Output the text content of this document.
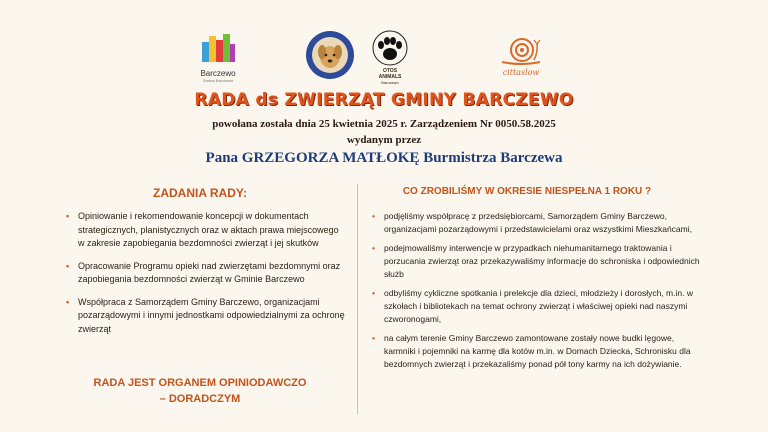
Barczewo
Gmina Barczewo
OTOS
ANIMALS
Barczewo
cittaslow
RADA ds ZWIERZĄT GMINY BARCZEWO
powołana została dnia 25 kwietnia 2025 r. Zarządzeniem Nr 0050.58.2025
wydanym przez
Pana GRZEGORZA MATŁOKĘ Burmistrza Barczewa
ZADANIA RADY:
• Opiniowanie i rekomendowanie koncepcji w dokumentach strategicznych, planistycznych oraz w aktach prawa miejscowego w zakresie zapobiegania bezdomności zwierząt i jej skutków
• Opracowanie Programu opieki nad zwierzętami bezdomnymi oraz zapobiegania bezdomności zwierząt w Gminie Barczewo
• Współpraca z Samorządem Gminy Barczewo, organizacjami pozarządowymi i innymi jednostkami odpowiedzialnymi za ochronę zwierząt
RADA JEST ORGANEM OPINIODAWCZO
– DORADCZYM
CO ZROBILIŚMY W OKRESIE NIESPEŁNA 1 ROKU ?
• podjęliśmy współpracę z przedsiębiorcami, Samorządem Gminy Barczewo, organizacjami pozarządowymi i przedstawicielami oraz wszystkimi Mieszkańcami,
• podejmowaliśmy interwencje w przypadkach niehumanitarnego traktowania i porzucania zwierząt oraz przekazywaliśmy informacje do schroniska i odpowiednich służb
• odbyliśmy cykliczne spotkania i prelekcje dla dzieci, młodzieży i dorosłych, m.in. w szkołach i bibliotekach na temat ochrony zwierząt i właściwej opieki nad naszymi czworonogami,
• na całym terenie Gminy Barczewo zamontowane zostały nowe budki lęgowe, karmniki i pojemniki na karmę dla kotów m.in. w Domach Dziecka, Schronisku dla bezdomnych zwierząt i przekazaliśmy ponad pół tony karmy na ich dożywianie.
